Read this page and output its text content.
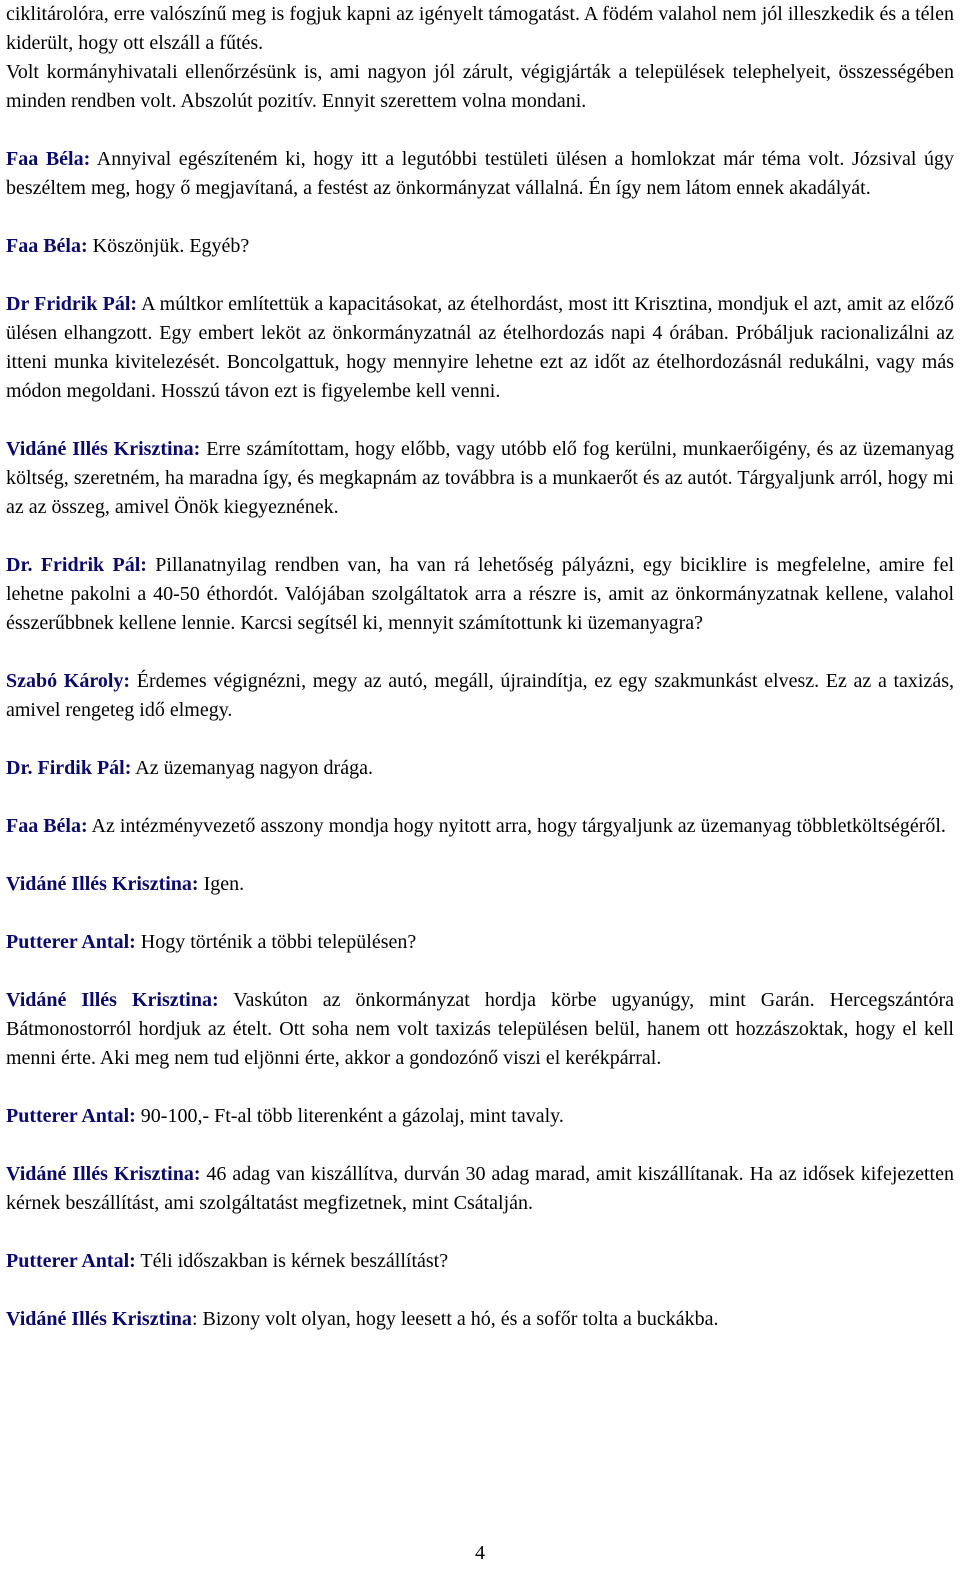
ciklitárolóra, erre valószínű meg is fogjuk kapni az igényelt támogatást. A födém valahol nem jól illeszkedik és a télen kiderült, hogy ott elszáll a fűtés.

Volt kormányhivatali ellenőrzésünk is, ami nagyon jól zárult, végigjárták a települések telephelyeit, összességében minden rendben volt. Abszolút pozitív. Ennyit szerettem volna mondani.

Faa Béla: Annyival egészíteném ki, hogy itt a legutóbbi testületi ülésen a homlokzat már téma volt. Józsival úgy beszéltem meg, hogy ő megjavítaná, a festést az önkormányzat vállalná. Én így nem látom ennek akadályát.

Faa Béla: Köszönjük. Egyéb?

Dr Fridrik Pál: A múltkor említettük a kapacitásokat, az ételhordást, most itt Krisztina, mondjuk el azt, amit az előző ülésen elhangzott. Egy embert leköt az önkormányzatnál az ételhordozás napi 4 órában. Próbáljuk racionalizálni az itteni munka kivitelezését. Boncolgattuk, hogy mennyire lehetne ezt az időt az ételhordozásnál redukálni, vagy más módon megoldani. Hosszú távon ezt is figyelembe kell venni.

Vidáné Illés Krisztina: Erre számítottam, hogy előbb, vagy utóbb elő fog kerülni, munkaerőigény, és az üzemanyag költség, szeretném, ha maradna így, és megkapnám az továbbra is a munkaerőt és az autót. Tárgyaljunk arról, hogy mi az az összeg, amivel Önök kiegyeznének.

Dr. Fridrik Pál: Pillanatnyilag rendben van, ha van rá lehetőség pályázni, egy biciklire is megfelelne, amire fel lehetne pakolni a 40-50 éthordót. Valójában szolgáltatok arra a részre is, amit az önkormányzatnak kellene, valahol ésszerűbbnek kellene lennie. Karcsi segítsél ki, mennyit számítottunk ki üzemanyagra?

Szabó Károly: Érdemes végignézni, megy az autó, megáll, újraindítja, ez egy szakmunkást elvesz. Ez az a taxizás, amivel rengeteg idő elmegy.

Dr. Firdik Pál: Az üzemanyag nagyon drága.

Faa Béla: Az intézményvezető asszony mondja hogy nyitott arra, hogy tárgyaljunk az üzemanyag többletköltségéről.

Vidáné Illés Krisztina: Igen.

Putterer Antal: Hogy történik a többi településen?

Vidáné Illés Krisztina: Vaskúton az önkormányzat hordja körbe ugyanúgy, mint Garán. Hercegszántóra Bátmonostorról hordjuk az ételt. Ott soha nem volt taxizás településen belül, hanem ott hozzászoktak, hogy el kell menni érte. Aki meg nem tud eljönni érte, akkor a gondozónő viszi el kerékpárral.

Putterer Antal: 90-100,- Ft-al több literenként a gázolaj, mint tavaly.

Vidáné Illés Krisztina: 46 adag van kiszállítva, durván 30 adag marad, amit kiszállítanak. Ha az idősek kifejezetten kérnek beszállítást, ami szolgáltatást megfizetnek, mint Csátalján.

Putterer Antal: Téli időszakban is kérnek beszállítást?

Vidáné Illés Krisztina: Bizony volt olyan, hogy leesett a hó, és a sofőr tolta a buckákba.

4
